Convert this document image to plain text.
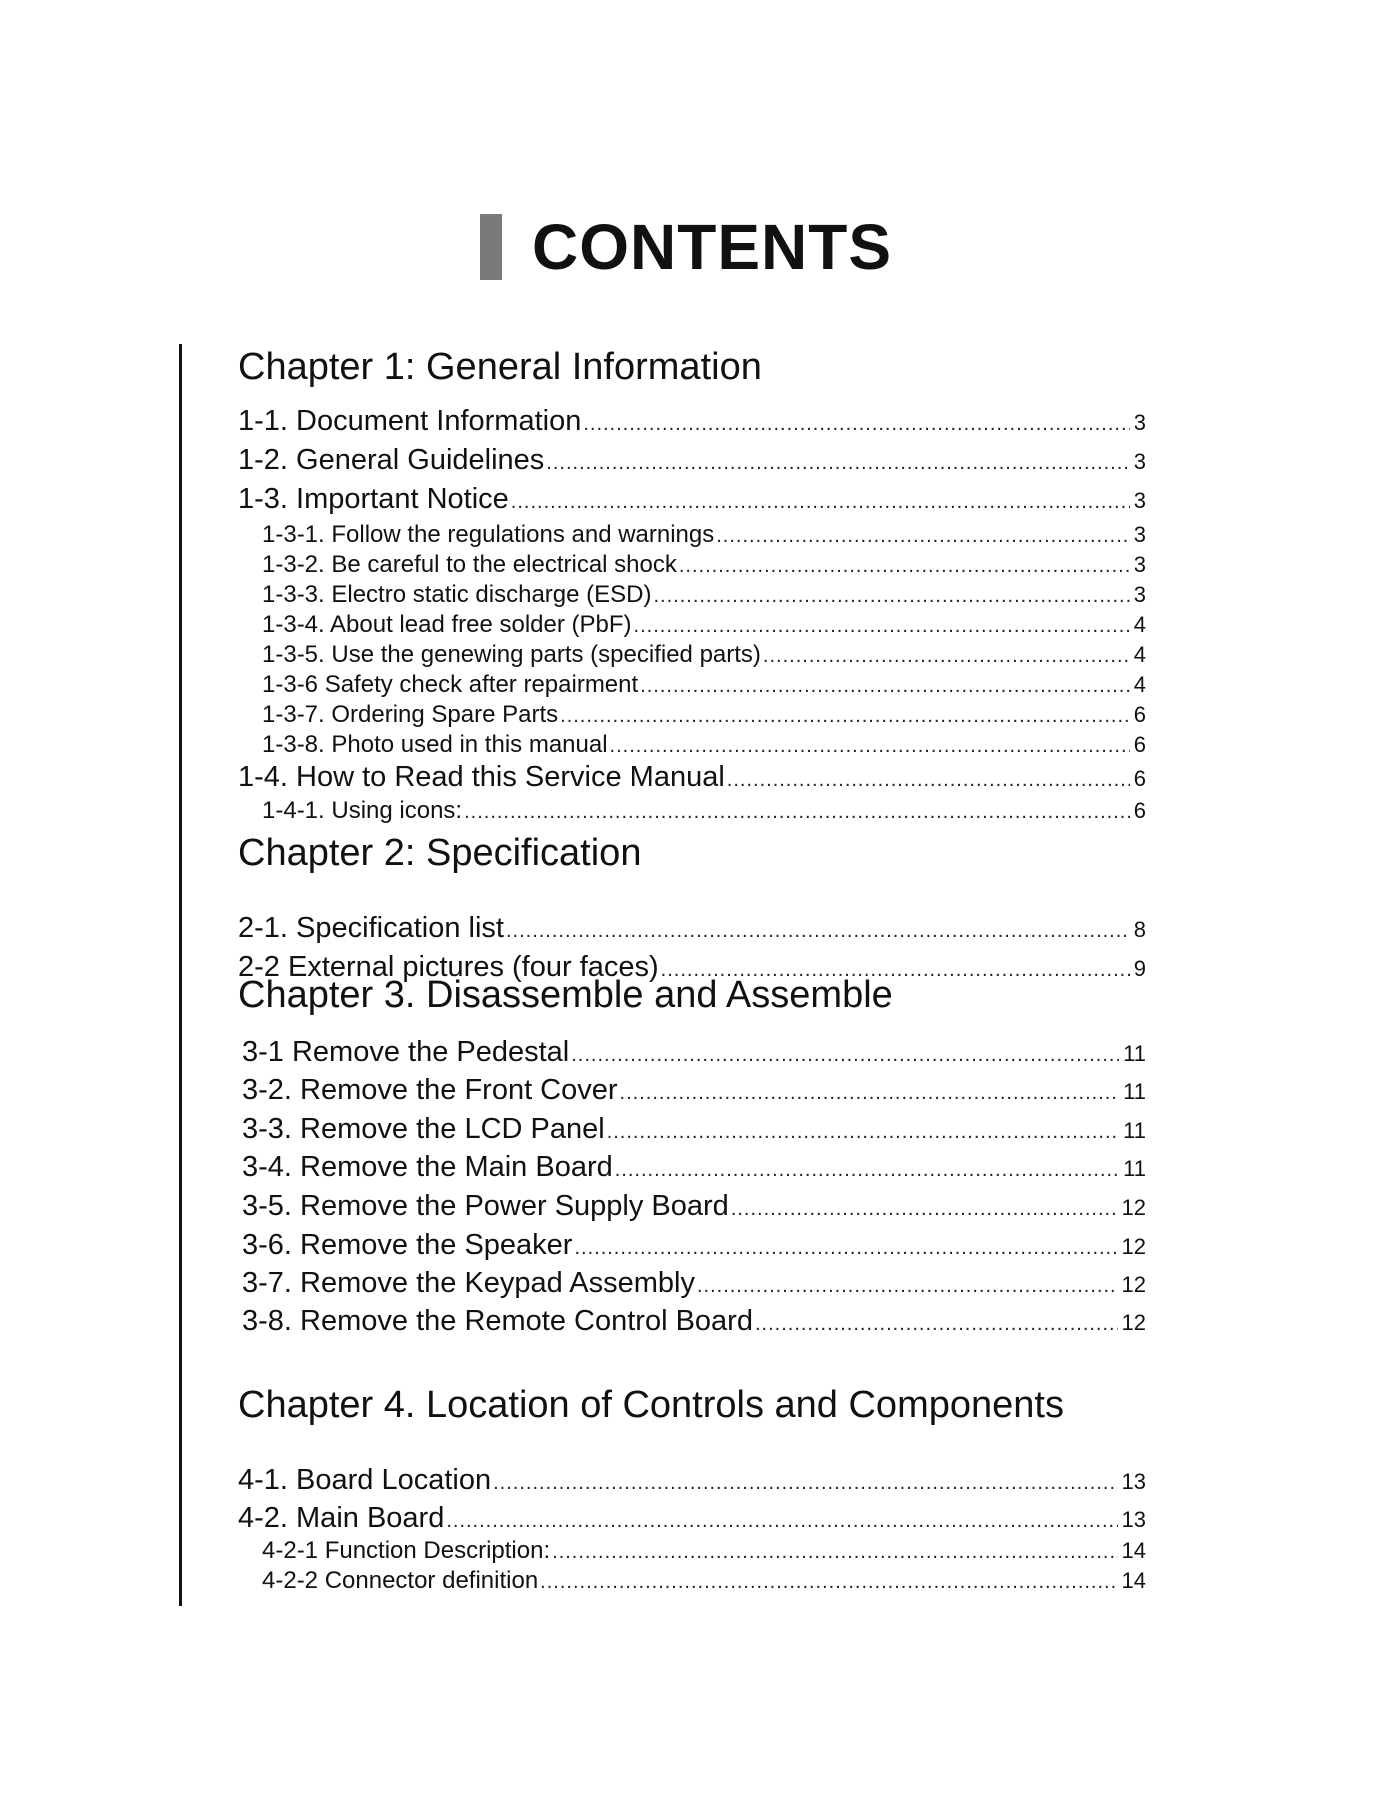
CONTENTS
Chapter 1: General Information
1-1. Document Information .....	3
1-2. General Guidelines .....	3
1-3. Important Notice .....	3
1-3-1. Follow the regulations and warnings .....	3
1-3-2. Be careful to the electrical shock .....	3
1-3-3. Electro static discharge (ESD) .....	3
1-3-4. About lead free solder (PbF) .....	4
1-3-5. Use the genewing parts (specified parts) .....	4
1-3-6 Safety check after repairment .....	4
1-3-7. Ordering Spare Parts .....	6
1-3-8. Photo used in this manual .....	6
1-4. How to Read this Service Manual .....	6
1-4-1. Using icons: .....	6
Chapter 2: Specification
2-1. Specification list .....	8
2-2 External pictures (four faces) .....	9
Chapter 3. Disassemble and Assemble
3-1 Remove the Pedestal .....	11
3-2. Remove the Front Cover .....	11
3-3. Remove the LCD Panel .....	11
3-4. Remove the Main Board .....	11
3-5. Remove the Power Supply Board .....	12
3-6. Remove the Speaker .....	12
3-7. Remove the Keypad Assembly .....	12
3-8. Remove the Remote Control Board .....	12
Chapter 4. Location of Controls and Components
4-1. Board Location .....	13
4-2. Main Board .....	13
4-2-1 Function Description: .....	14
4-2-2 Connector definition .....	14
